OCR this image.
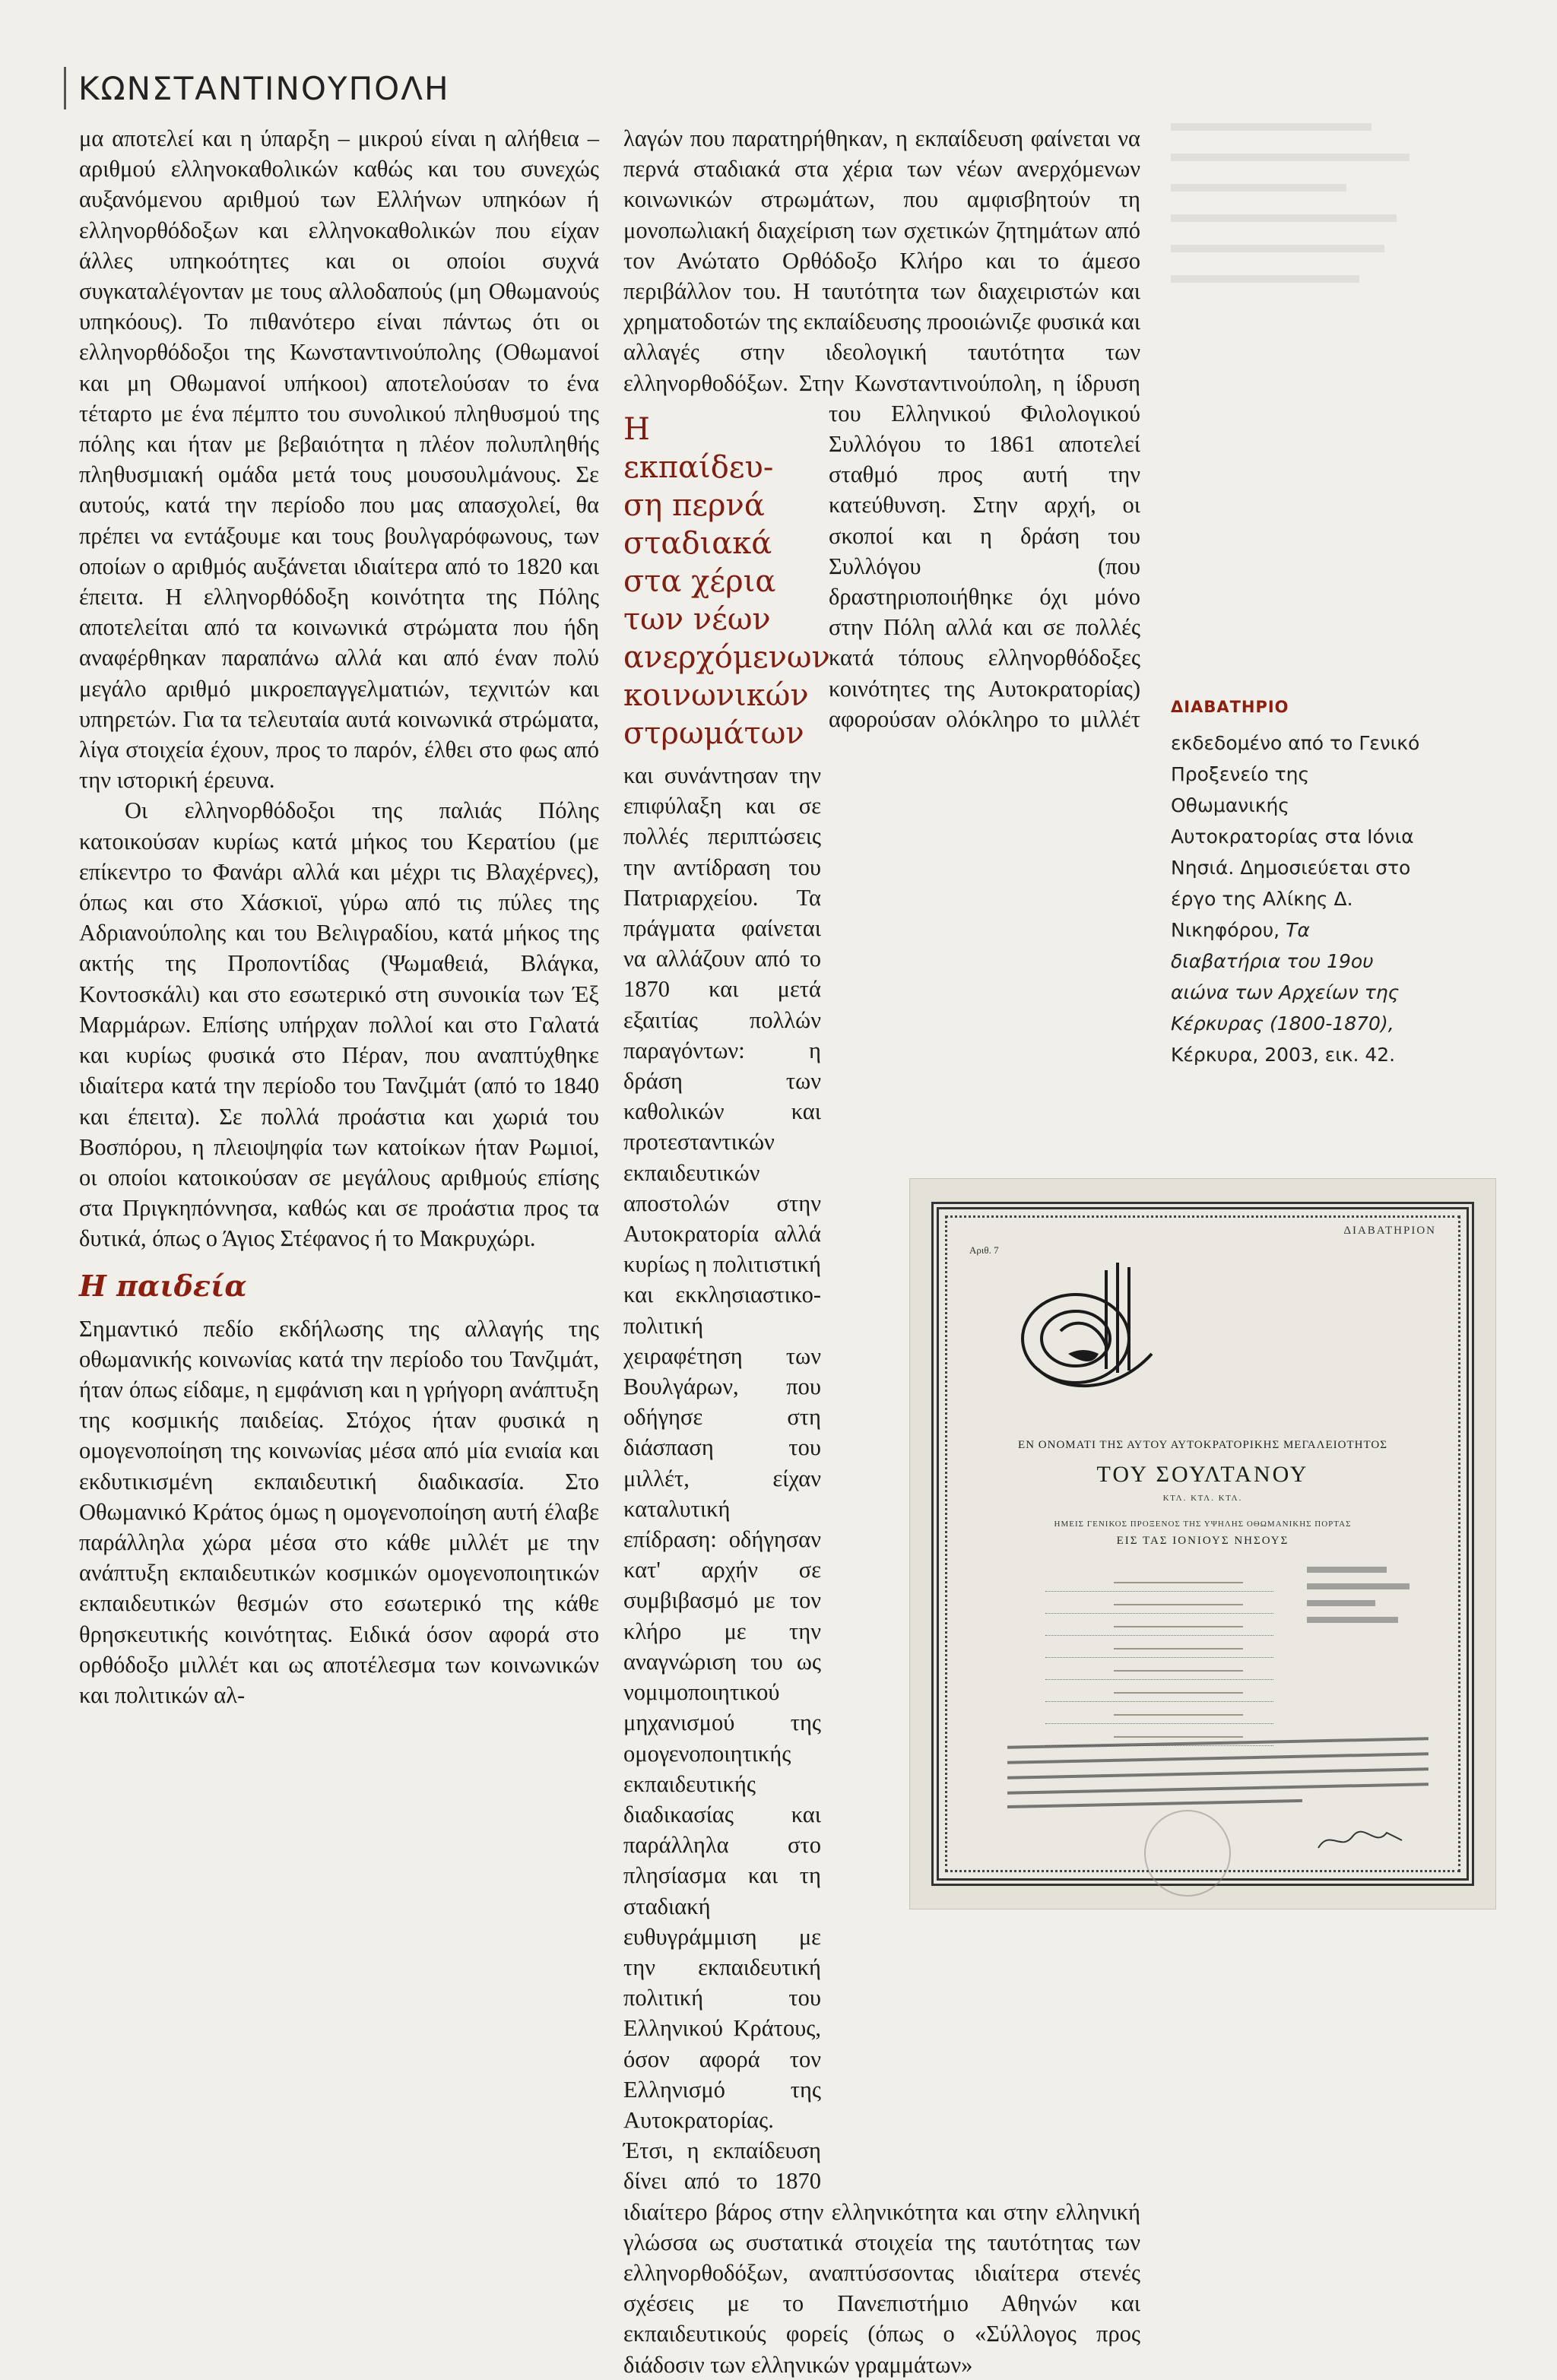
ΚΩΝΣΤΑΝΤΙΝΟΥΠΟΛΗ

μα αποτελεί και η ύπαρξη – μικρού είναι η αλήθεια – αριθμού ελληνοκαθολικών καθώς και του συνεχώς αυξανόμενου αριθμού των Ελλήνων υπηκόων ή ελληνορθόδοξων και ελληνοκαθολικών που είχαν άλλες υπηκοότητες και οι οποίοι συχνά συγκαταλέγονταν με τους αλλοδαπούς (μη Οθωμανούς υπηκόους). Το πιθανότερο είναι πάντως ότι οι ελληνορθόδοξοι της Κωνσταντινούπολης (Οθωμανοί και μη Οθωμανοί υπήκοοι) αποτελούσαν το ένα τέταρτο με ένα πέμπτο του συνολικού πληθυσμού της πόλης και ήταν με βεβαιότητα η πλέον πολυπληθής πληθυσμιακή ομάδα μετά τους μουσουλμάνους. Σε αυτούς, κατά την περίοδο που μας απασχολεί, θα πρέπει να εντάξουμε και τους βουλγαρόφωνους, των οποίων ο αριθμός αυξάνεται ιδιαίτερα από το 1820 και έπειτα. Η ελληνορθόδοξη κοινότητα της Πόλης αποτελείται από τα κοινωνικά στρώματα που ήδη αναφέρθηκαν παραπάνω αλλά και από έναν πολύ μεγάλο αριθμό μικροεπαγγελματιών, τεχνιτών και υπηρετών. Για τα τελευταία αυτά κοινωνικά στρώματα, λίγα στοιχεία έχουν, προς το παρόν, έλθει στο φως από την ιστορική έρευνα.

Οι ελληνορθόδοξοι της παλιάς Πόλης κατοικούσαν κυρίως κατά μήκος του Κερατίου (με επίκεντρο το Φανάρι αλλά και μέχρι τις Βλαχέρνες), όπως και στο Χάσκιοϊ, γύρω από τις πύλες της Αδριανούπολης και του Βελιγραδίου, κατά μήκος της ακτής της Προποντίδας (Ψωμαθειά, Βλάγκα, Κοντοσκάλι) και στο εσωτερικό στη συνοικία των Έξ Μαρμάρων. Επίσης υπήρχαν πολλοί και στο Γαλατά και κυρίως φυσικά στο Πέραν, που αναπτύχθηκε ιδιαίτερα κατά την περίοδο του Τανζιμάτ (από το 1840 και έπειτα). Σε πολλά προάστια και χωριά του Βοσπόρου, η πλειοψηφία των κατοίκων ήταν Ρωμιοί, οι οποίοι κατοικούσαν σε μεγάλους αριθμούς επίσης στα Πριγκηπόννησα, καθώς και σε προάστια προς τα δυτικά, όπως ο Άγιος Στέφανος ή το Μακρυχώρι.

Η παιδεία

Σημαντικό πεδίο εκδήλωσης της αλλαγής της οθωμανικής κοινωνίας κατά την περίοδο του Τανζιμάτ, ήταν όπως είδαμε, η εμφάνιση και η γρήγορη ανάπτυξη της κοσμικής παιδείας. Στόχος ήταν φυσικά η ομογενοποίηση της κοινωνίας μέσα από μία ενιαία και εκδυτικισμένη εκπαιδευτική διαδικασία. Στο Οθωμανικό Κράτος όμως η ομογενοποίηση αυτή έλαβε παράλληλα χώρα μέσα στο κάθε μιλλέτ με την ανάπτυξη εκπαιδευτικών κοσμικών ομογενοποιητικών εκπαιδευτικών θεσμών στο εσωτερικό της κάθε θρησκευτικής κοινότητας. Ειδικά όσον αφορά στο ορθόδοξο μιλλέτ και ως αποτέλεσμα των κοινωνικών και πολιτικών αλ-

Η εκπαίδευ-
ση περνά
σταδιακά
στα χέρια
των νέων
ανερχόμενων
κοινωνικών
στρωμάτων

λαγών που παρατηρήθηκαν, η εκπαίδευση φαίνεται να περνά σταδιακά στα χέρια των νέων ανερχόμενων κοινωνικών στρωμάτων, που αμφισβητούν τη μονοπωλιακή διαχείριση των σχετικών ζητημάτων από τον Ανώτατο Ορθόδοξο Κλήρο και το άμεσο περιβάλλον του. Η ταυτότητα των διαχειριστών και χρηματοδοτών της εκπαίδευσης προοιώνιζε φυσικά και αλλαγές στην ιδεολογική ταυτότητα των ελληνορθοδόξων. Στην Κωνσταντινούπολη, η ίδρυση του Ελληνικού Φιλολογικού Συλλόγου το 1861 αποτελεί σταθμό προς αυτή την κατεύθυνση. Στην αρχή, οι σκοποί και η δράση του Συλλόγου (που δραστηριοποιήθηκε όχι μόνο στην Πόλη αλλά και σε πολλές κατά τόπους ελληνορθόδοξες κοινότητες της Αυτοκρατορίας) αφορούσαν ολόκληρο το μιλλέτ και συνάντησαν την επιφύλαξη και σε πολλές περιπτώσεις την αντίδραση του Πατριαρχείου. Τα πράγματα φαίνεται να αλλάζουν από το 1870 και μετά εξαιτίας πολλών παραγόντων: η δράση των καθολικών και προτεσταντικών εκπαιδευτικών αποστολών στην Αυτοκρατορία αλλά κυρίως η πολιτιστική και εκκλησιαστικο-πολιτική χειραφέτηση των Βουλγάρων, που οδήγησε στη διάσπαση του μιλλέτ, είχαν καταλυτική επίδραση: οδήγησαν κατ' αρχήν σε συμβιβασμό με τον κλήρο με την αναγνώριση του ως νομιμοποιητικού μηχανισμού της ομογενοποιητικής εκπαιδευτικής διαδικασίας και παράλληλα στο πλησίασμα και τη σταδιακή ευθυγράμμιση με την εκπαιδευτική πολιτική του Ελληνικού Κράτους, όσον αφορά τον Ελληνισμό της Αυτοκρατορίας. Έτσι, η εκπαίδευση δίνει από το 1870 ιδιαίτερο βάρος στην ελληνικότητα και στην ελληνική γλώσσα ως συστατικά στοιχεία της ταυτότητας των ελληνορθοδόξων, αναπτύσσοντας ιδιαίτερα στενές σχέσεις με το Πανεπιστήμιο Αθηνών και εκπαιδευτικούς φορείς (όπως ο «Σύλλογος προς διάδοσιν των ελληνικών γραμμάτων»

ΔΙΑΒΑΤΗΡΙΟ
εκδεδομένο από το Γενικό Προξενείο της Οθωμανικής Αυτοκρατορίας στα Ιόνια Νησιά. Δημοσιεύεται στο έργο της Αλίκης Δ. Νικηφόρου, Τα διαβατήρια του 19ου αιώνα των Αρχείων της Κέρκυρας (1800-1870), Κέρκυρα, 2003, εικ. 42.
ΔΙΑΒΑΤΗΡΙΟΝ
Αριθ. 7
ΕΝ ΟΝΟΜΑΤΙ ΤΗΣ ΑΥΤΟΥ ΑΥΤΟΚΡΑΤΟΡΙΚΗΣ ΜΕΓΑΛΕΙΟΤΗΤΟΣ
ΤΟΥ ΣΟΥΛΤΑΝΟΥ
ΚΤΛ. ΚΤΛ. ΚΤΛ.
ΗΜΕΙΣ ΓΕΝΙΚΟΣ ΠΡΟΞΕΝΟΣ ΤΗΣ ΥΨΗΛΗΣ ΟΘΩΜΑΝΙΚΗΣ ΠΟΡΤΑΣ
ΕΙΣ ΤΑΣ ΙΟΝΙΟΥΣ ΝΗΣΟΥΣ
